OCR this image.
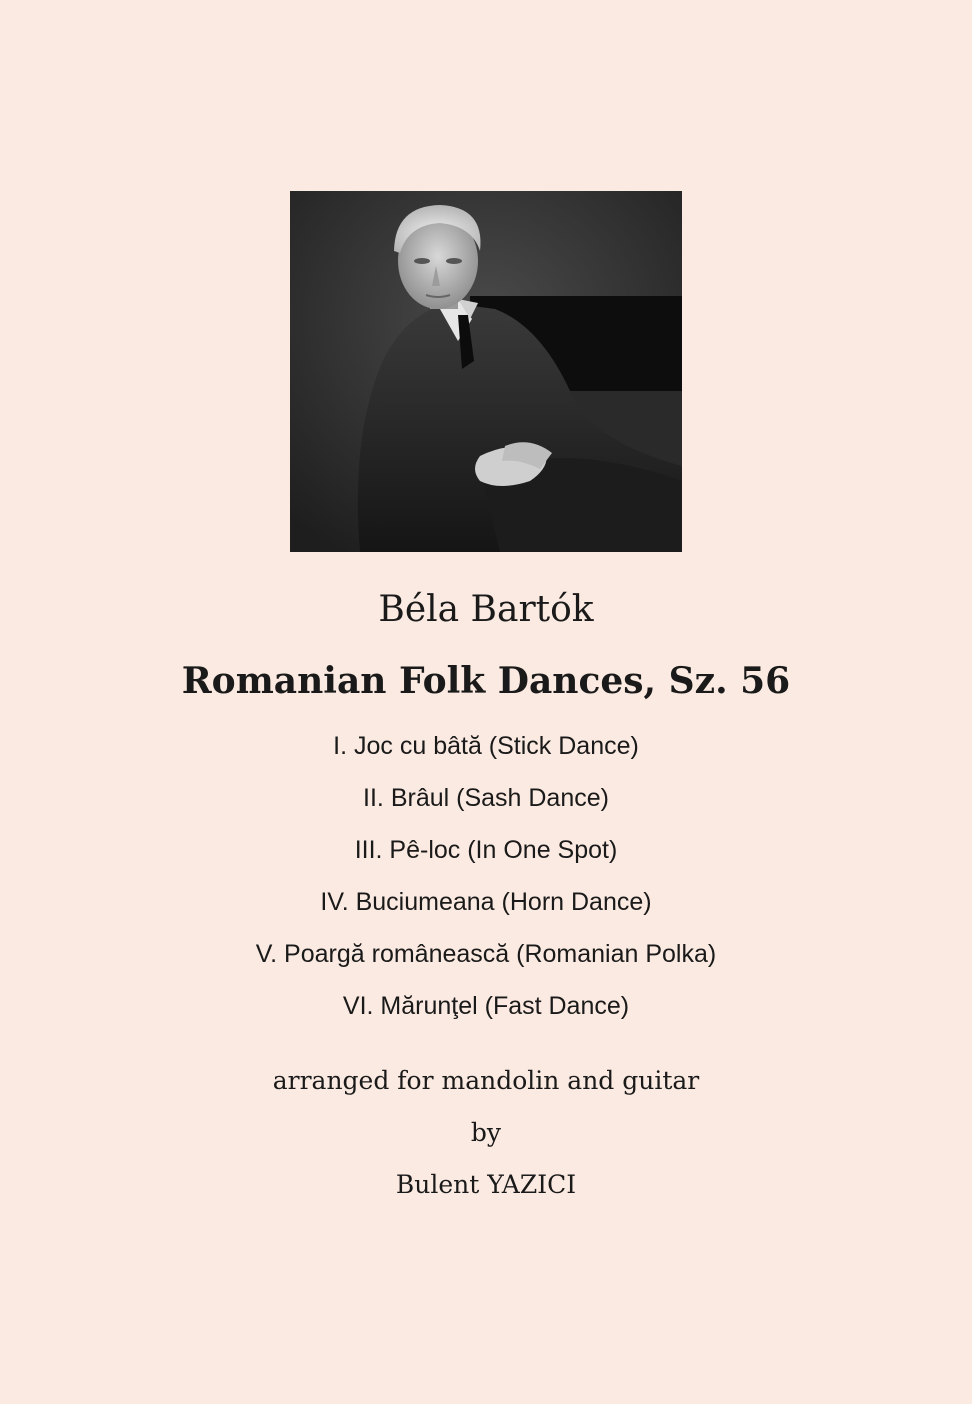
Béla Bartók
Romanian Folk Dances, Sz. 56
I. Joc cu bâtă (Stick Dance)
II. Brâul (Sash Dance)
III. Pê-loc (In One Spot)
IV. Buciumeana (Horn Dance)
V. Poargă românească (Romanian Polka)
VI. Mărunţel (Fast Dance)
arranged for mandolin and guitar
by
Bulent YAZICI
